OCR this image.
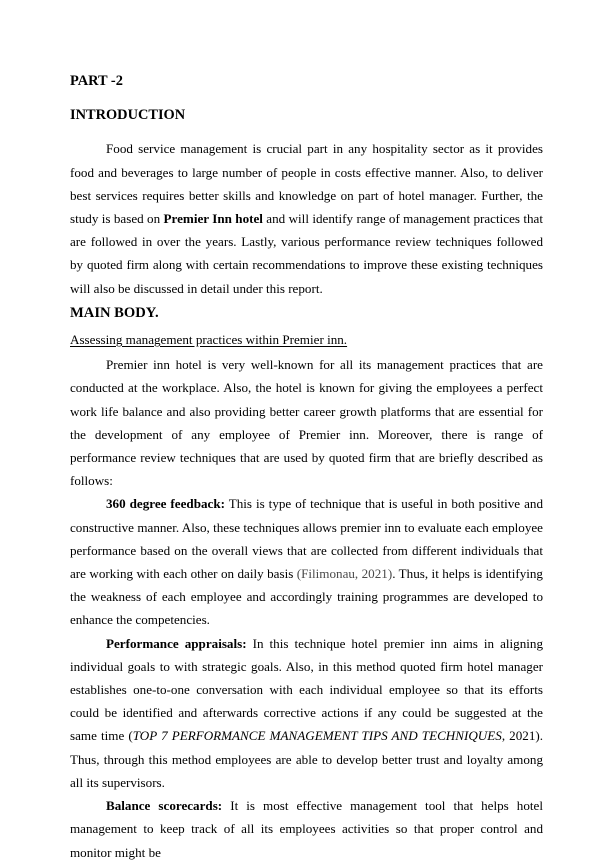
PART -2
INTRODUCTION

Food service management is crucial part in any hospitality sector as it provides food and beverages to large number of people in costs effective manner. Also, to deliver best services requires better skills and knowledge on part of hotel manager. Further, the study is based on Premier Inn hotel and will identify range of management practices that are followed in over the years. Lastly, various performance review techniques followed by quoted firm along with certain recommendations to improve these existing techniques will also be discussed in detail under this report.

MAIN BODY.
Assessing management practices within Premier inn.

Premier inn hotel is very well-known for all its management practices that are conducted at the workplace. Also, the hotel is known for giving the employees a perfect work life balance and also providing better career growth platforms that are essential for the development of any employee of Premier inn. Moreover, there is range of performance review techniques that are used by quoted firm that are briefly described as follows:

360 degree feedback: This is type of technique that is useful in both positive and constructive manner. Also, these techniques allows premier inn to evaluate each employee performance based on the overall views that are collected from different individuals that are working with each other on daily basis (Filimonau, 2021). Thus, it helps is identifying the weakness of each employee and accordingly training programmes are developed to enhance the competencies.

Performance appraisals: In this technique hotel premier inn aims in aligning individual goals to with strategic goals. Also, in this method quoted firm hotel manager establishes one-to-one conversation with each individual employee so that its efforts could be identified and afterwards corrective actions if any could be suggested at the same time (TOP 7 PERFORMANCE MANAGEMENT TIPS AND TECHNIQUES, 2021). Thus, through this method employees are able to develop better trust and loyalty among all its supervisors.

Balance scorecards: It is most effective management tool that helps hotel management to keep track of all its employees activities so that proper control and monitor might be
